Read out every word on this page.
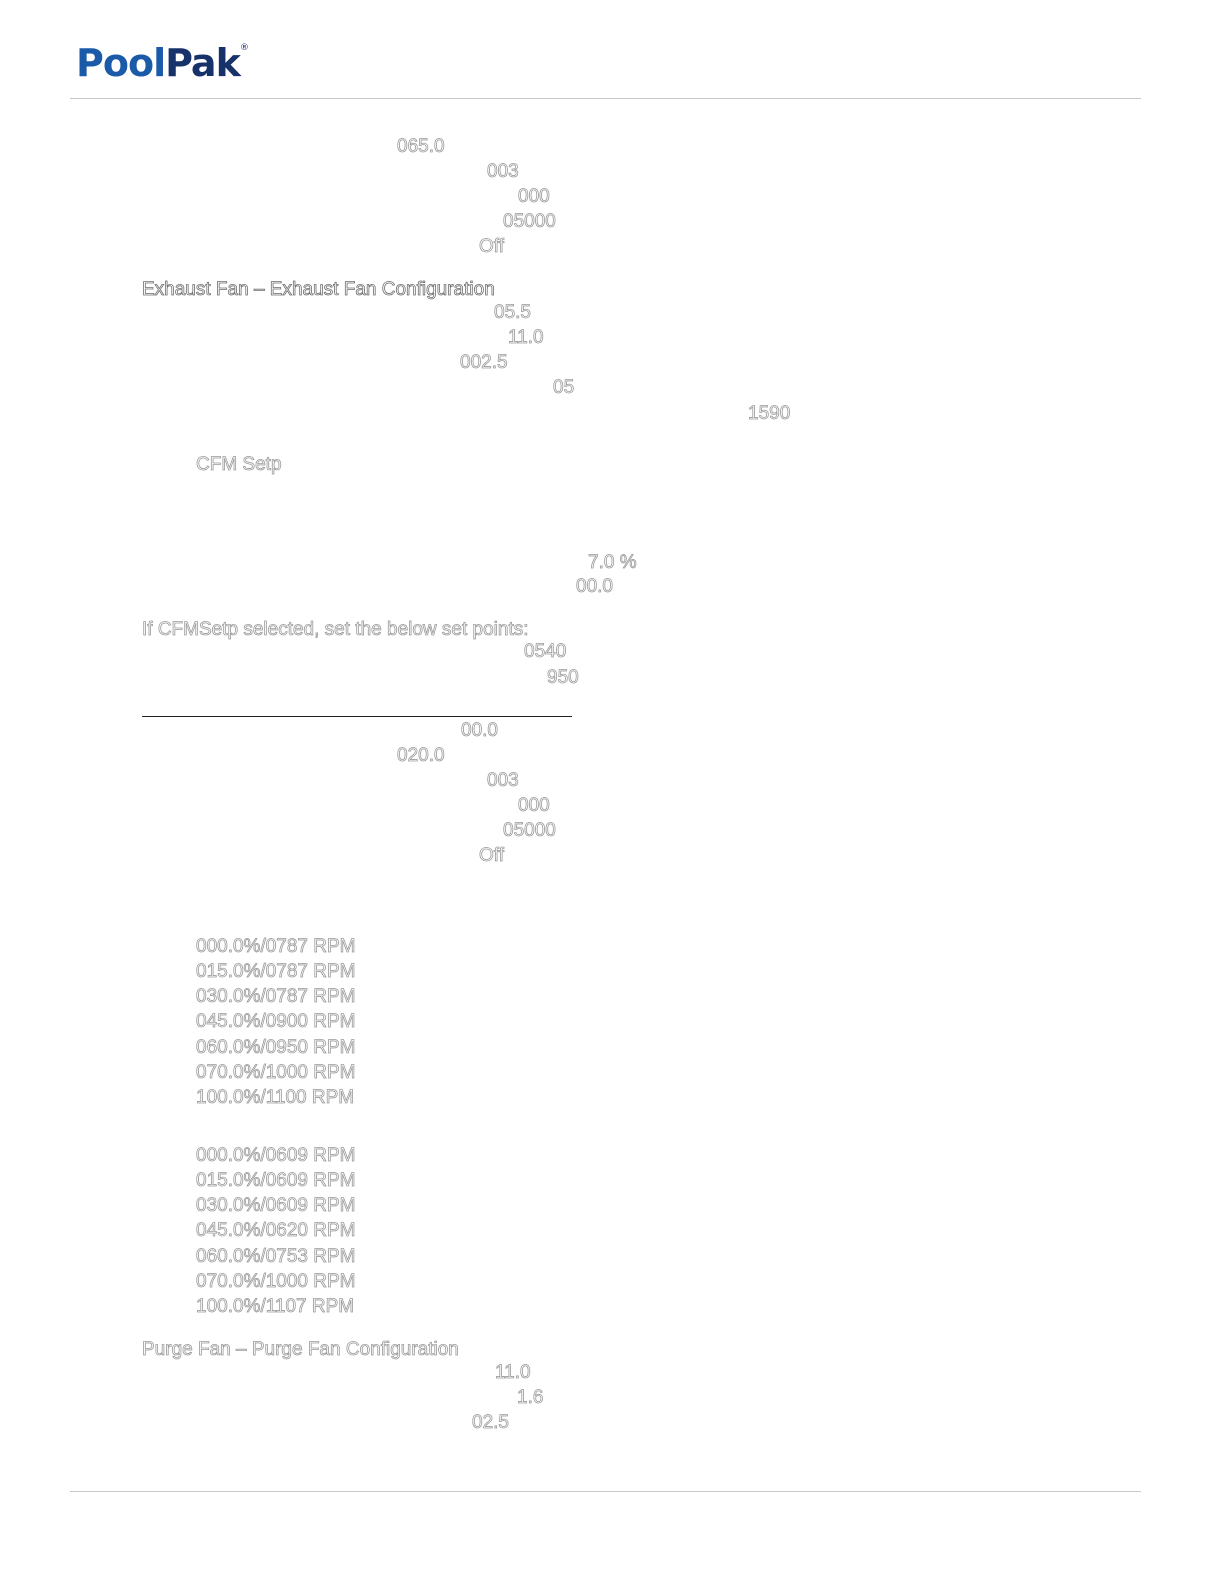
PoolPak®
065.0
003
000
05000
Off
Exhaust Fan – Exhaust Fan Configuration
05.5
11.0
002.5
05
1590
CFM Setp
7.0 %
00.0
If CFMSetp selected, set the below set points:
0540
950
00.0
020.0
003
000
05000
Off
000.0%/0787 RPM
015.0%/0787 RPM
030.0%/0787 RPM
045.0%/0900 RPM
060.0%/0950 RPM
070.0%/1000 RPM
100.0%/1100 RPM
000.0%/0609 RPM
015.0%/0609 RPM
030.0%/0609 RPM
045.0%/0620 RPM
060.0%/0753 RPM
070.0%/1000 RPM
100.0%/1107 RPM
Purge Fan – Purge Fan Configuration
11.0
1.6
02.5
